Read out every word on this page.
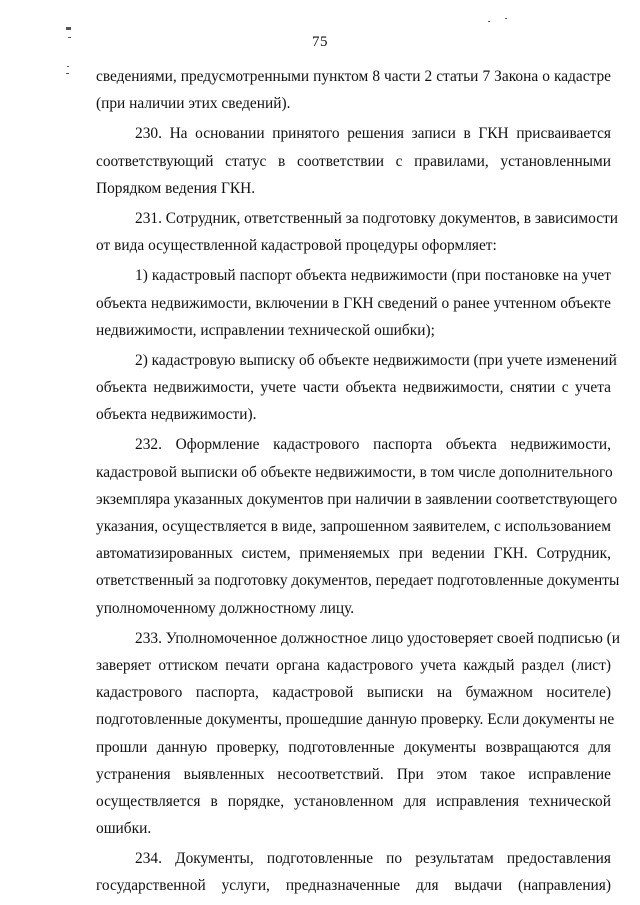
75
сведениями, предусмотренными пунктом 8 части 2 статьи 7 Закона о кадастре
(при наличии этих сведений).
230. На основании принятого решения записи в ГКН присваивается
соответствующий статус в соответствии с правилами, установленными
Порядком ведения ГКН.
231. Сотрудник, ответственный за подготовку документов, в зависимости
от вида осуществленной кадастровой процедуры оформляет:
1) кадастровый паспорт объекта недвижимости (при постановке на учет
объекта недвижимости, включении в ГКН сведений о ранее учтенном объекте
недвижимости, исправлении технической ошибки);
2) кадастровую выписку об объекте недвижимости (при учете изменений
объекта недвижимости, учете части объекта недвижимости, снятии с учета
объекта недвижимости).
232. Оформление кадастрового паспорта объекта недвижимости,
кадастровой выписки об объекте недвижимости, в том числе дополнительного
экземпляра указанных документов при наличии в заявлении соответствующего
указания, осуществляется в виде, запрошенном заявителем, с использованием
автоматизированных систем, применяемых при ведении ГКН. Сотрудник,
ответственный за подготовку документов, передает подготовленные документы
уполномоченному должностному лицу.
233. Уполномоченное должностное лицо удостоверяет своей подписью (и
заверяет оттиском печати органа кадастрового учета каждый раздел (лист)
кадастрового паспорта, кадастровой выписки на бумажном носителе)
подготовленные документы, прошедшие данную проверку. Если документы не
прошли данную проверку, подготовленные документы возвращаются для
устранения выявленных несоответствий. При этом такое исправление
осуществляется в порядке, установленном для исправления технической
ошибки.
234. Документы, подготовленные по результатам предоставления
государственной услуги, предназначенные для выдачи (направления)
